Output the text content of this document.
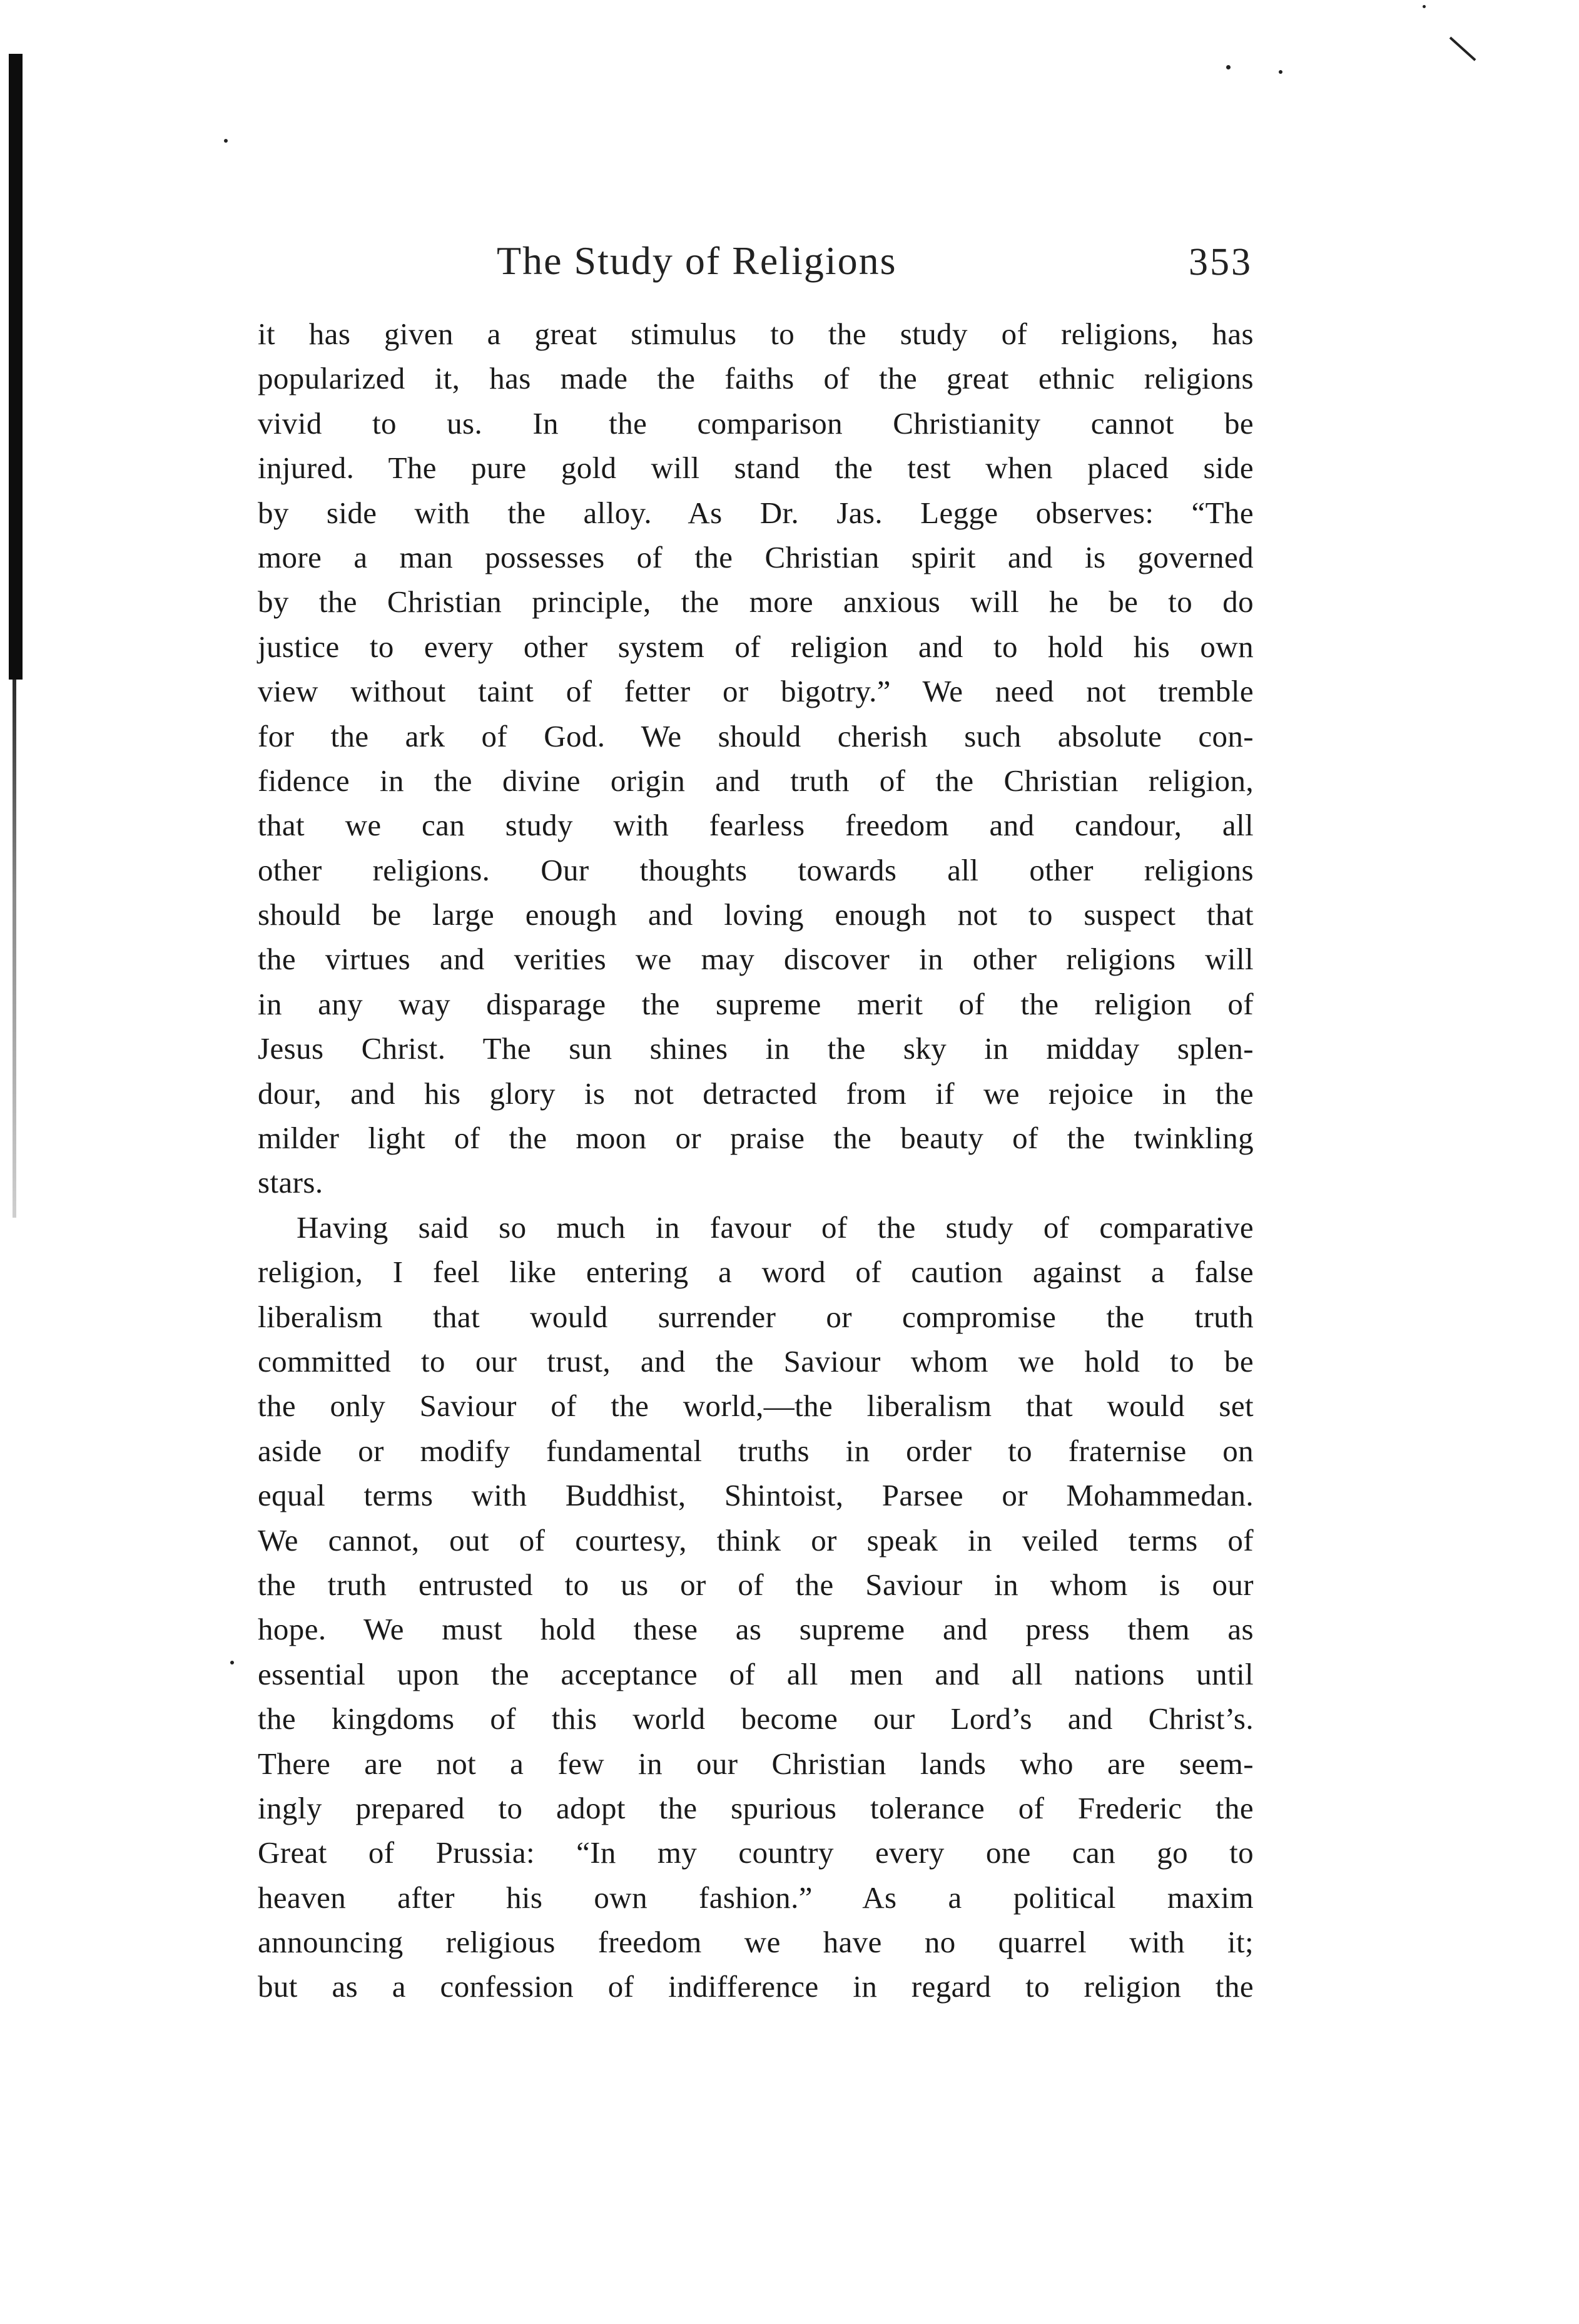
The Study of Religions	353

it has given a great stimulus to the study of religions, has
popularized it, has made the faiths of the great ethnic religions
vivid to us. In the comparison Christianity cannot be
injured. The pure gold will stand the test when placed side
by side with the alloy. As Dr. Jas. Legge observes: “The
more a man possesses of the Christian spirit and is governed
by the Christian principle, the more anxious will he be to do
justice to every other system of religion and to hold his own
view without taint of fetter or bigotry.” We need not tremble
for the ark of God. We should cherish such absolute con-
fidence in the divine origin and truth of the Christian religion,
that we can study with fearless freedom and candour, all
other religions. Our thoughts towards all other religions
should be large enough and loving enough not to suspect that
the virtues and verities we may discover in other religions will
in any way disparage the supreme merit of the religion of
Jesus Christ. The sun shines in the sky in midday splen-
dour, and his glory is not detracted from if we rejoice in the
milder light of the moon or praise the beauty of the twinkling
stars.

Having said so much in favour of the study of comparative
religion, I feel like entering a word of caution against a false
liberalism that would surrender or compromise the truth
committed to our trust, and the Saviour whom we hold to be
the only Saviour of the world,—the liberalism that would set
aside or modify fundamental truths in order to fraternise on
equal terms with Buddhist, Shintoist, Parsee or Mohammedan.
We cannot, out of courtesy, think or speak in veiled terms of
the truth entrusted to us or of the Saviour in whom is our
hope. We must hold these as supreme and press them as
essential upon the acceptance of all men and all nations until
the kingdoms of this world become our Lord’s and Christ’s.
There are not a few in our Christian lands who are seem-
ingly prepared to adopt the spurious tolerance of Frederic the
Great of Prussia: “In my country every one can go to
heaven after his own fashion.” As a political maxim
announcing religious freedom we have no quarrel with it;
but as a confession of indifference in regard to religion the
